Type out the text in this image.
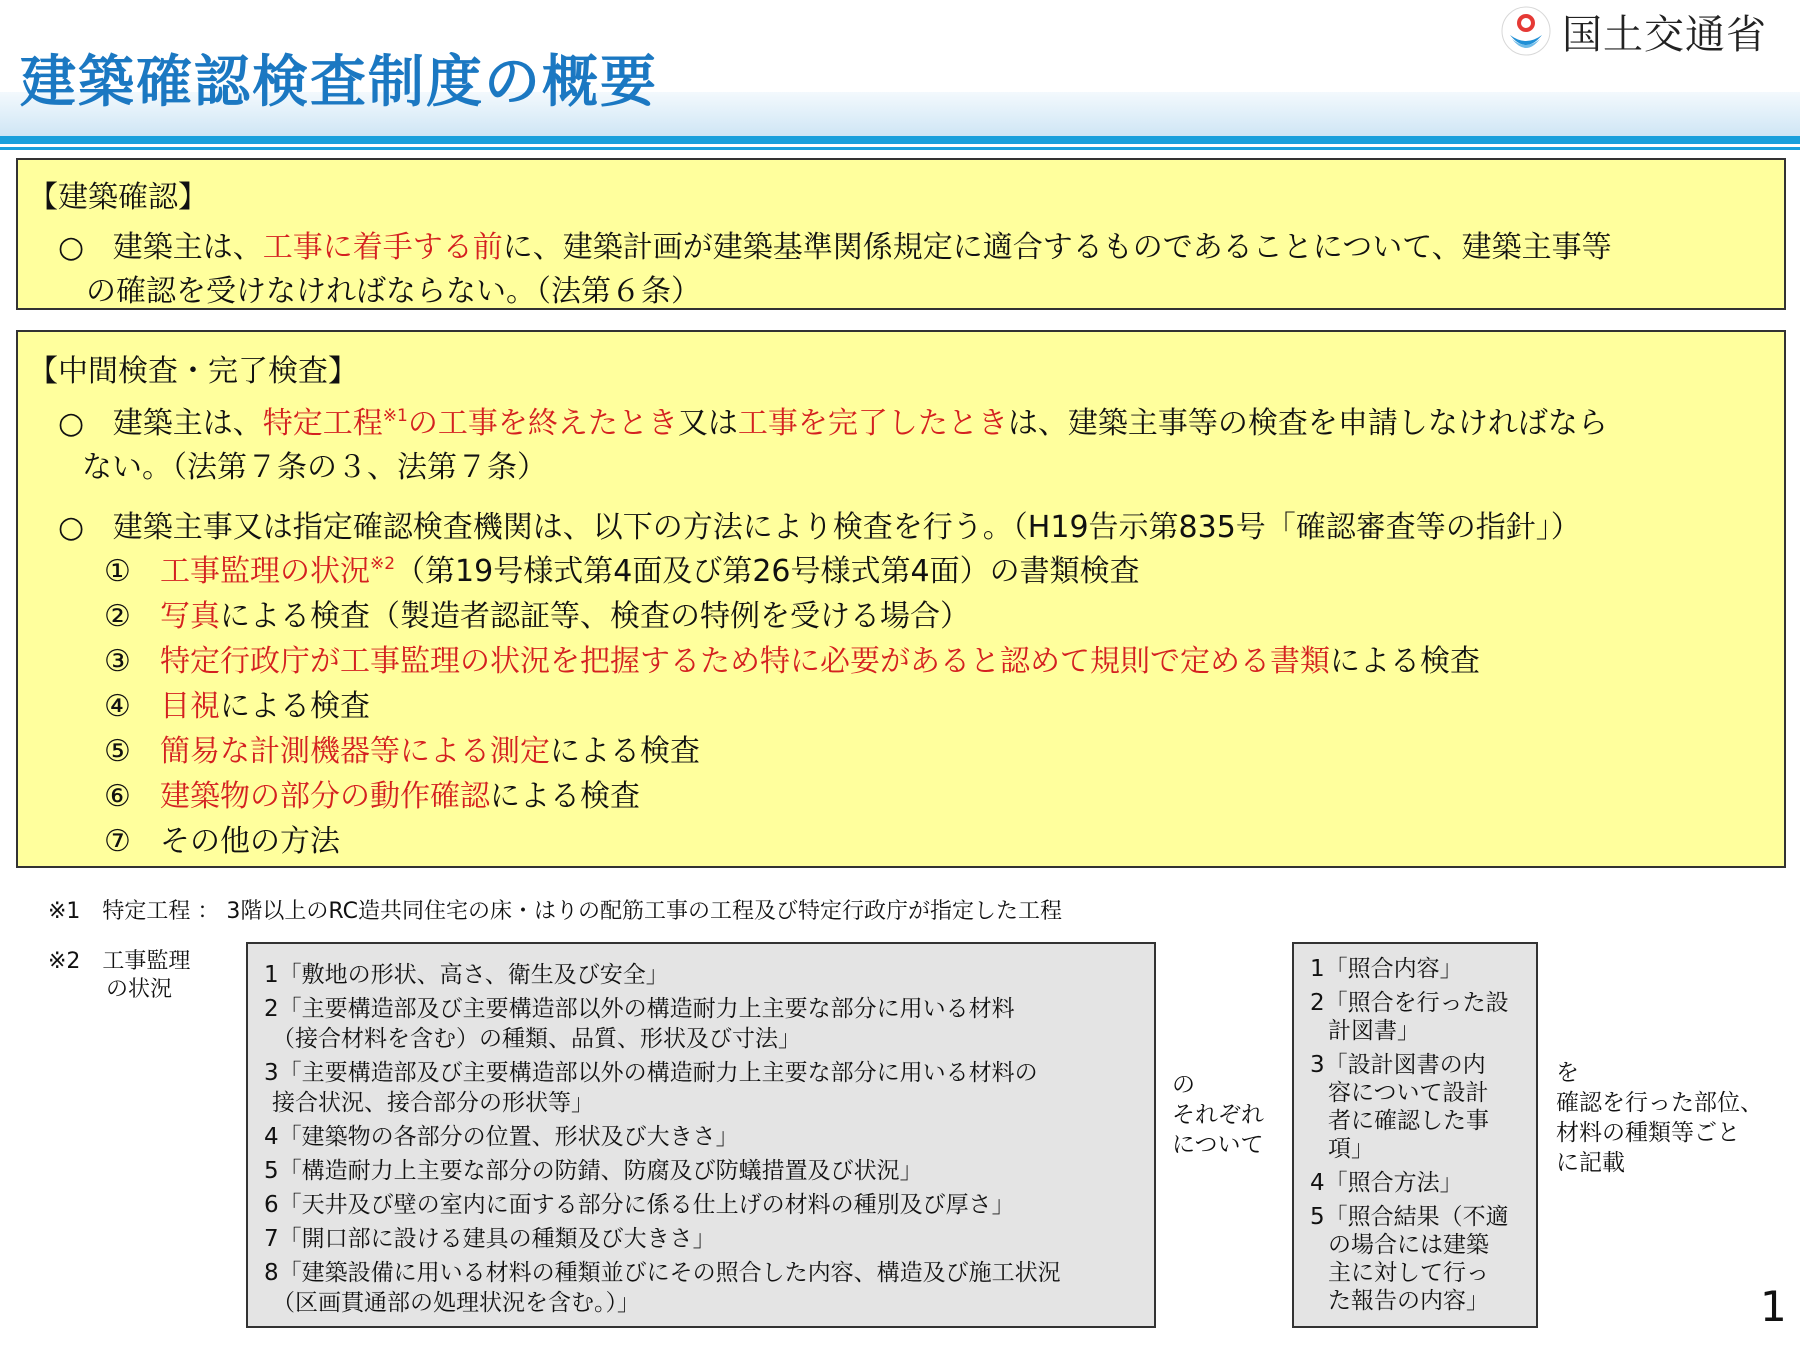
建築確認検査制度の概要
国土交通省
【建築確認】
○ 建築主は、工事に着手する前に、建築計画が建築基準関係規定に適合するものであることについて、建築主事等
の確認を受けなければならない。（法第６条）
【中間検査・完了検査】
○ 建築主は、特定工程$^{※1}$の工事を終えたとき又は工事を完了したときは、建築主事等の検査を申請しなければなら
ない。（法第７条の３、法第７条）
○ 建築主事又は指定確認検査機関は、以下の方法により検査を行う。（H19告示第835号「確認審査等の指針」）
① 工事監理の状況$^{※2}$（第19号様式第4面及び第26号様式第4面）の書類検査
② 写真による検査（製造者認証等、検査の特例を受ける場合）
③ 特定行政庁が工事監理の状況を把握するため特に必要があると認めて規則で定める書類による検査
④ 目視による検査
⑤ 簡易な計測機器等による測定による検査
⑥ 建築物の部分の動作確認による検査
⑦ その他の方法
※1　特定工程 ： 3階以上のRC造共同住宅の床・はりの配筋工事の工程及び特定行政庁が指定した工程
※2　工事監理
の状況
1「敷地の形状、高さ、衛生及び安全」
2「主要構造部及び主要構造部以外の構造耐力上主要な部分に用いる材料
（接合材料を含む）の種類、品質、形状及び寸法」
3「主要構造部及び主要構造部以外の構造耐力上主要な部分に用いる材料の
接合状況、接合部分の形状等」
4「建築物の各部分の位置、形状及び大きさ」
5「構造耐力上主要な部分の防錆、防腐及び防蟻措置及び状況」
6「天井及び壁の室内に面する部分に係る仕上げの材料の種別及び厚さ」
7「開口部に設ける建具の種類及び大きさ」
8「建築設備に用いる材料の種類並びにその照合した内容、構造及び施工状況
（区画貫通部の処理状況を含む。）」
の
それぞれ
について
1「照合内容」
2「照合を行った設
計図書」
3「設計図書の内
容について設計
者に確認した事
項」
4「照合方法」
5「照合結果（不適
の場合には建築
主に対して行っ
た報告の内容」
を
確認を行った部位、
材料の種類等ごと
に記載
1
